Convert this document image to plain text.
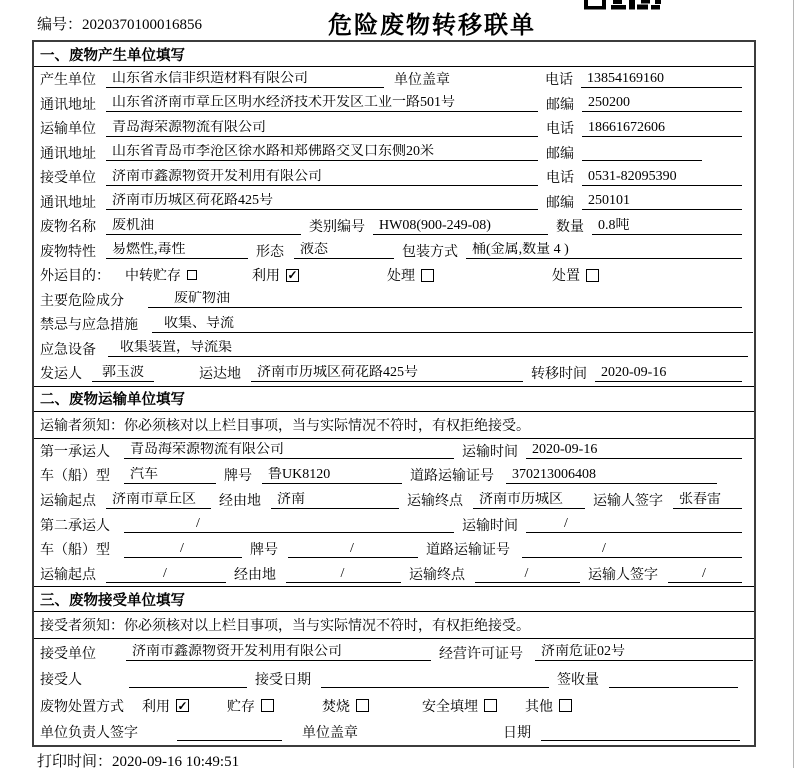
编号：2020370100016856	危险废物转移联单
一、废物产生单位填写
产生单位	山东省永信非织造材料有限公司	单位盖章	电话	13854169160
通讯地址	山东省济南市章丘区明水经济技术开发区工业一路501号	邮编	250200
运输单位	青岛海荣源物流有限公司	电话	18661672606
通讯地址	山东省青岛市李沧区徐水路和郑佛路交叉口东侧20米	邮编
接受单位	济南市鑫源物资开发利用有限公司	电话	0531-82095390
通讯地址	济南市历城区荷花路425号	邮编	250101
废物名称	废机油	类别编号	HW08(900-249-08)	数量	0.8吨
废物特性	易燃性,毒性	形态	液态	包装方式	桶(金属,数量 4 )
外运目的： 中转贮存	利用 ✓	处理	处置
主要危险成分	废矿物油
禁忌与应急措施	收集、导流
应急设备	收集装置，导流渠
发运人	郭玉波	运达地	济南市历城区荷花路425号	转移时间	2020-09-16
二、废物运输单位填写
运输者须知：你必须核对以上栏目事项，当与实际情况不符时，有权拒绝接受。
第一承运人	青岛海荣源物流有限公司	运输时间	2020-09-16
车（船）型	汽车	牌号	鲁UK8120	道路运输证号	370213006408
运输起点	济南市章丘区	经由地	济南	运输终点	济南市历城区	运输人签字	张春雷
第二承运人	/	运输时间	/
车（船）型	/	牌号	/	道路运输证号	/
运输起点	/	经由地	/	运输终点	/	运输人签字	/
三、废物接受单位填写
接受者须知：你必须核对以上栏目事项，当与实际情况不符时，有权拒绝接受。
接受单位	济南市鑫源物资开发利用有限公司	经营许可证号	济南危证02号
接受人	接受日期	签收量
废物处置方式 利用 ✓	贮存	焚烧	安全填埋	其他
单位负责人签字	单位盖章	日期
打印时间：2020-09-16 10:49:51
